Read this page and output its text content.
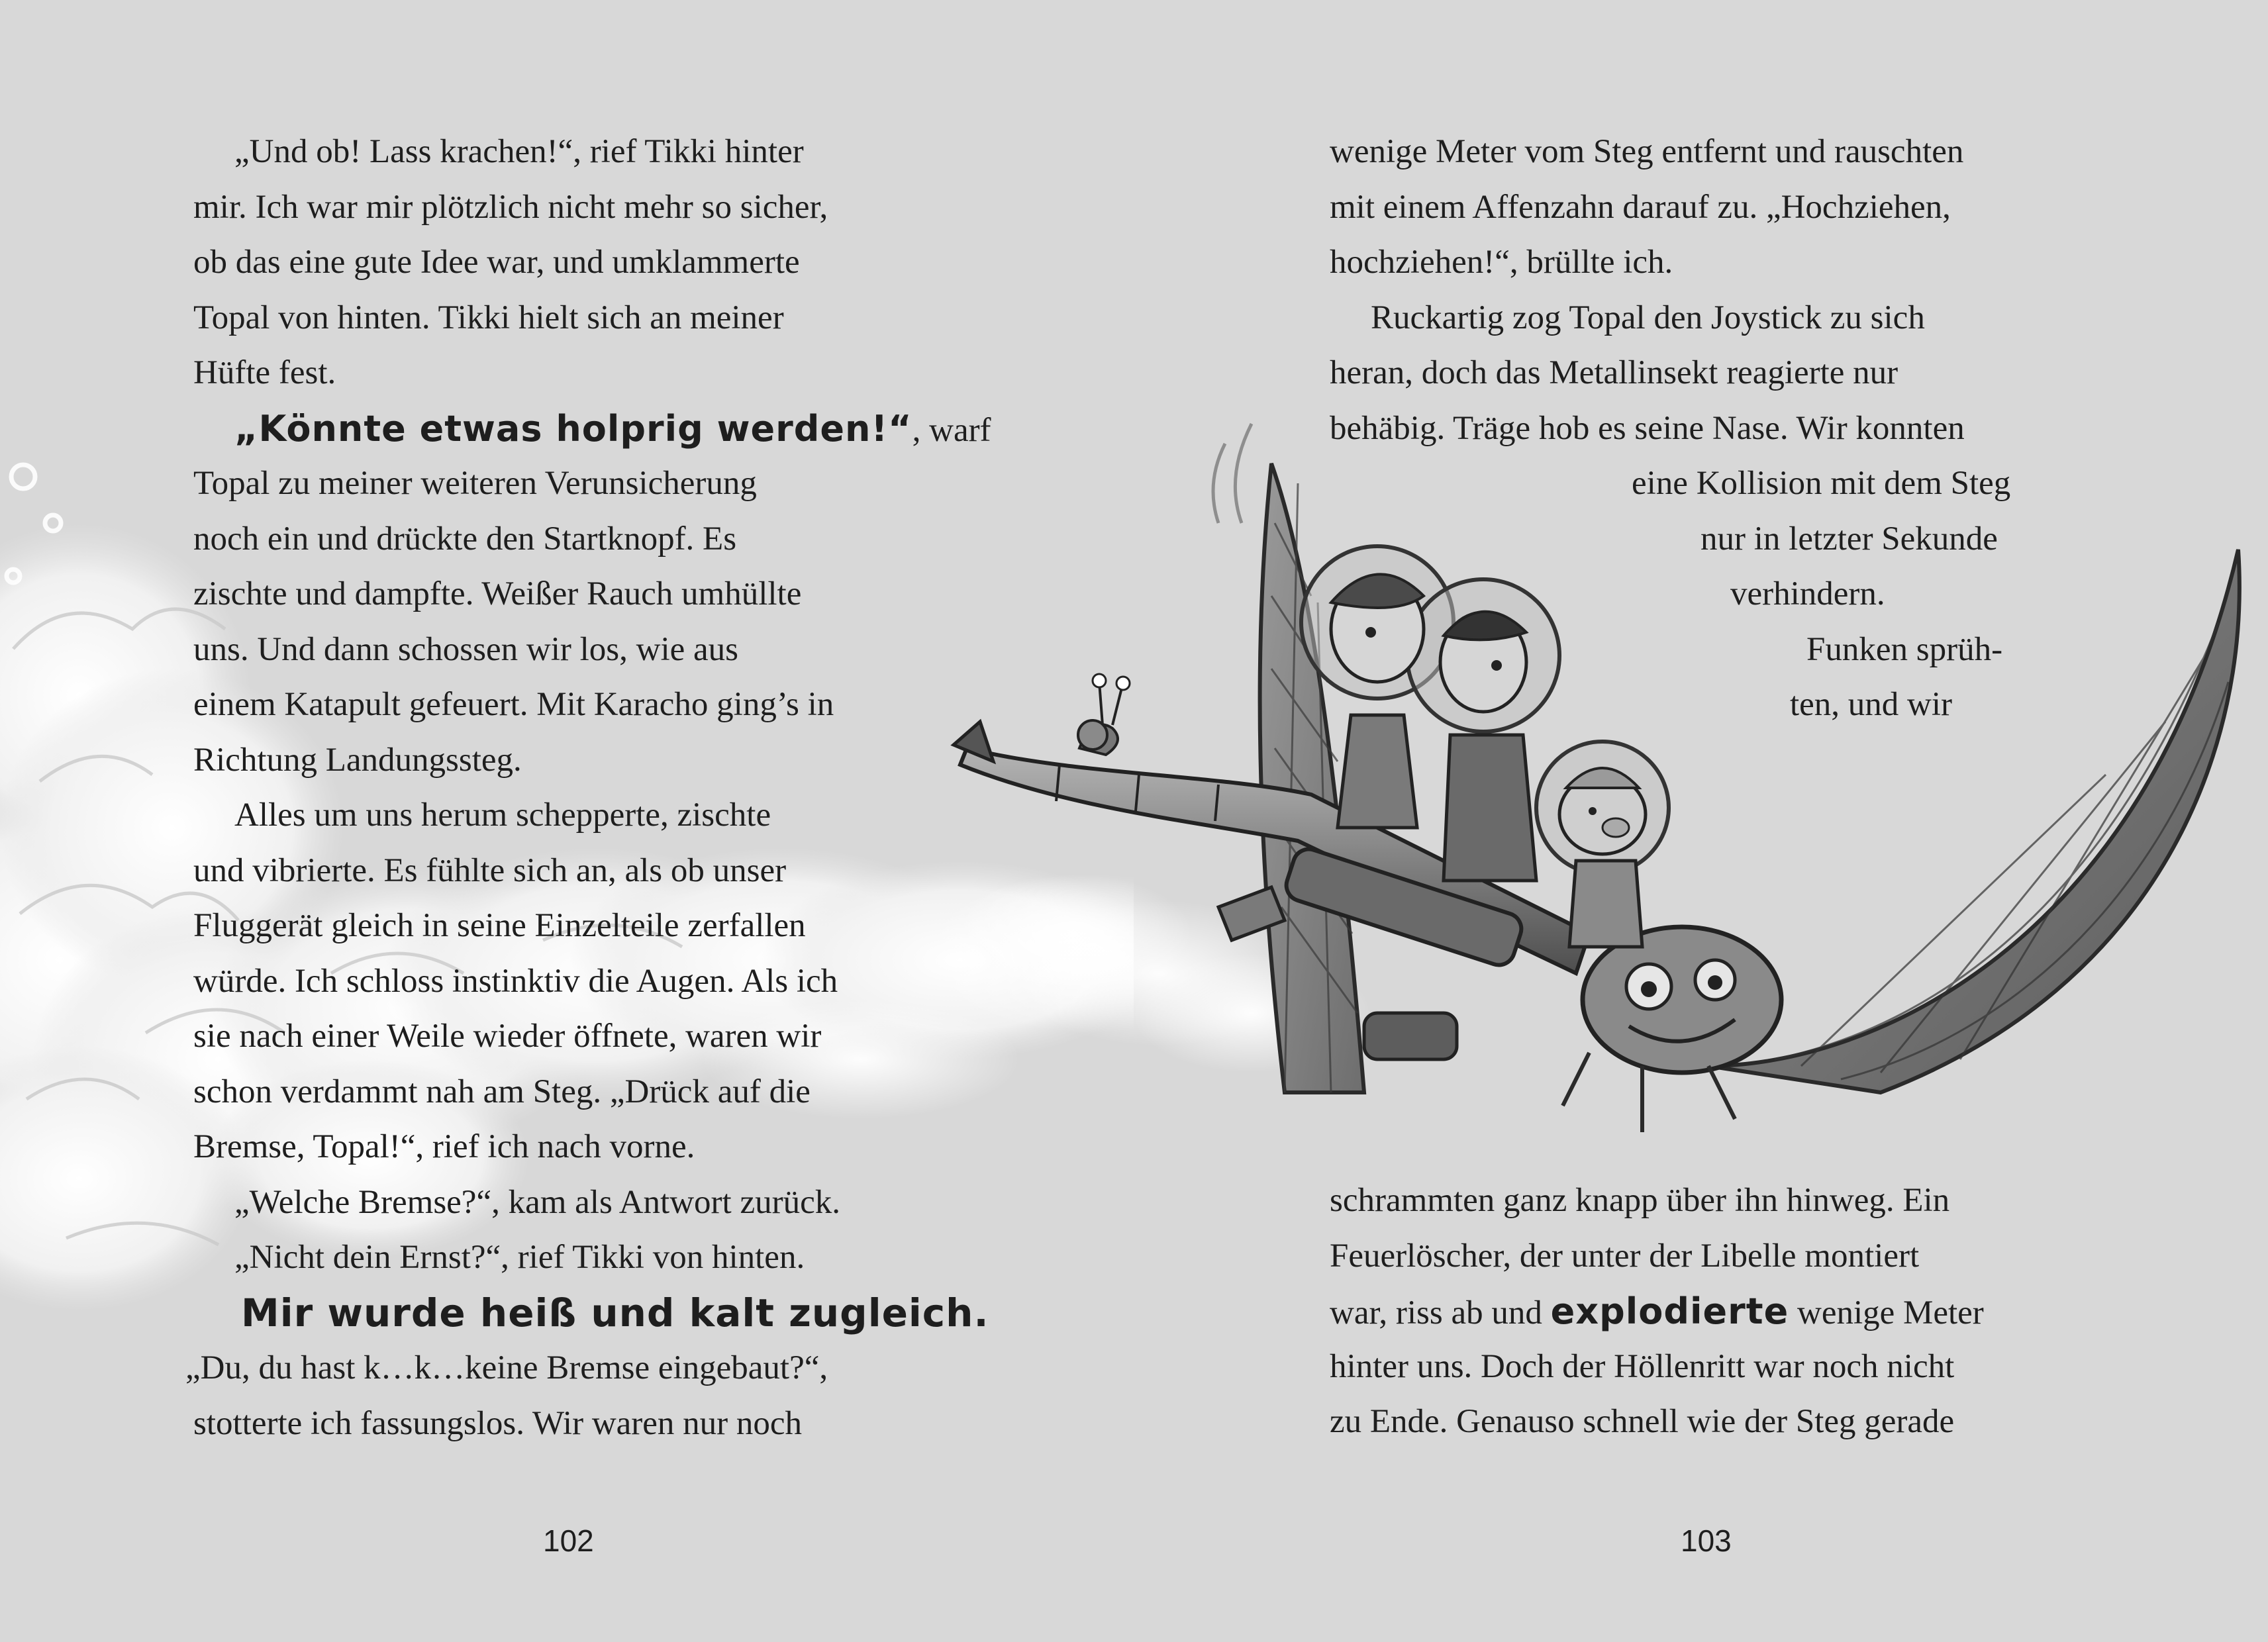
„Und ob! Lass krachen!“, rief Tikki hinter
mir. Ich war mir plötzlich nicht mehr so sicher,
ob das eine gute Idee war, und umklammerte
Topal von hinten. Tikki hielt sich an meiner
Hüfte fest.
„Könnte etwas holprig werden!“, warf
Topal zu meiner weiteren Verunsicherung
noch ein und drückte den Startknopf. Es
zischte und dampfte. Weißer Rauch umhüllte
uns. Und dann schossen wir los, wie aus
einem Katapult gefeuert. Mit Karacho ging’s in
Richtung Landungssteg.
Alles um uns herum schepperte, zischte
und vibrierte. Es fühlte sich an, als ob unser
Fluggerät gleich in seine Einzelteile zerfallen
würde. Ich schloss instinktiv die Augen. Als ich
sie nach einer Weile wieder öffnete, waren wir
schon verdammt nah am Steg. „Drück auf die
Bremse, Topal!“, rief ich nach vorne.
„Welche Bremse?“, kam als Antwort zurück.
„Nicht dein Ernst?“, rief Tikki von hinten.
Mir wurde heiß und kalt zugleich.
„Du, du hast k…k…keine Bremse eingebaut?“,
stotterte ich fassungslos. Wir waren nur noch
102
wenige Meter vom Steg entfernt und rauschten
mit einem Affenzahn darauf zu. „Hochziehen,
hochziehen!“, brüllte ich.
Ruckartig zog Topal den Joystick zu sich
heran, doch das Metallinsekt reagierte nur
behäbig. Träge hob es seine Nase. Wir konnten
eine Kollision mit dem Steg
nur in letzter Sekunde
verhindern.
Funken sprüh-
ten, und wir
schrammten ganz knapp über ihn hinweg. Ein
Feuerlöscher, der unter der Libelle montiert
war, riss ab und explodierte wenige Meter
hinter uns. Doch der Höllenritt war noch nicht
zu Ende. Genauso schnell wie der Steg gerade
103
